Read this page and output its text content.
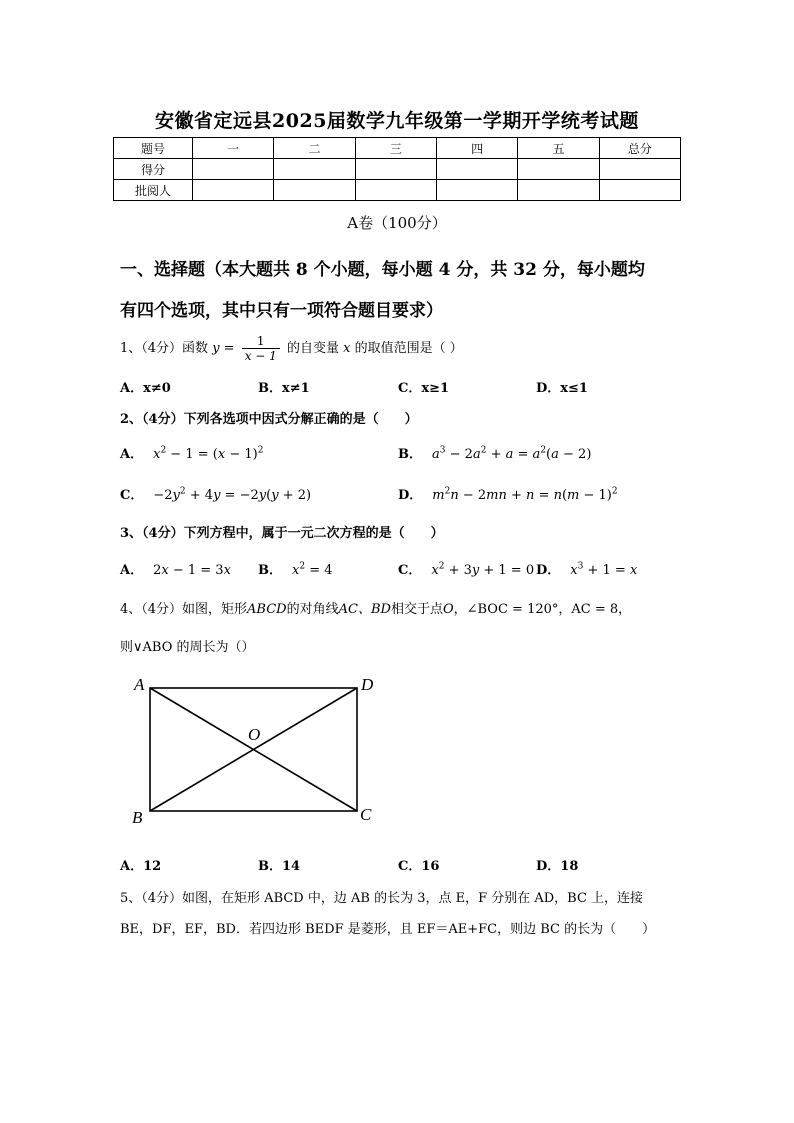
安徽省定远县2025届数学九年级第一学期开学统考试题
题号	一	二	三	四	五	总分
得分						
批阅人						
A卷（100分）
一、选择题（本大题共 8 个小题，每小题 4 分，共 32 分，每小题均
有四个选项，其中只有一项符合题目要求）
1、（4分）函数 $y = \frac{1}{x - 1}$ 的自变量 x 的取值范围是（ ）
A．x≠0	B．x≠1	C．x≥1	D．x≤1
2、（4分）下列各选项中因式分解正确的是（　　）
A． $x^2 - 1 = (x - 1)^2$	B． $a^3 - 2a^2 + a = a^2(a - 2)$
C． $-2y^2 + 4y = -2y(y + 2)$	D． $m^2n - 2mn + n = n(m - 1)^2$
3、（4分）下列方程中，属于一元二次方程的是（　　）
A． 2x − 1 = 3x B． $x^2 = 4$	C． $x^2 + 3y + 1 = 0$ D． $x^3 + 1 = x$
4、（4分）如图，矩形ABCD的对角线AC、BD相交于点O，∠BOC = 120°，AC = 8，
则∨ABO 的周长为（）
A	D
B	C
O
A．12	B．14	C．16	D．18
5、（4分）如图，在矩形 ABCD 中，边 AB 的长为 3，点 E，F 分别在 AD，BC 上，连接
BE，DF，EF，BD．若四边形 BEDF 是菱形，且 EF＝AE+FC，则边 BC 的长为（　　）
